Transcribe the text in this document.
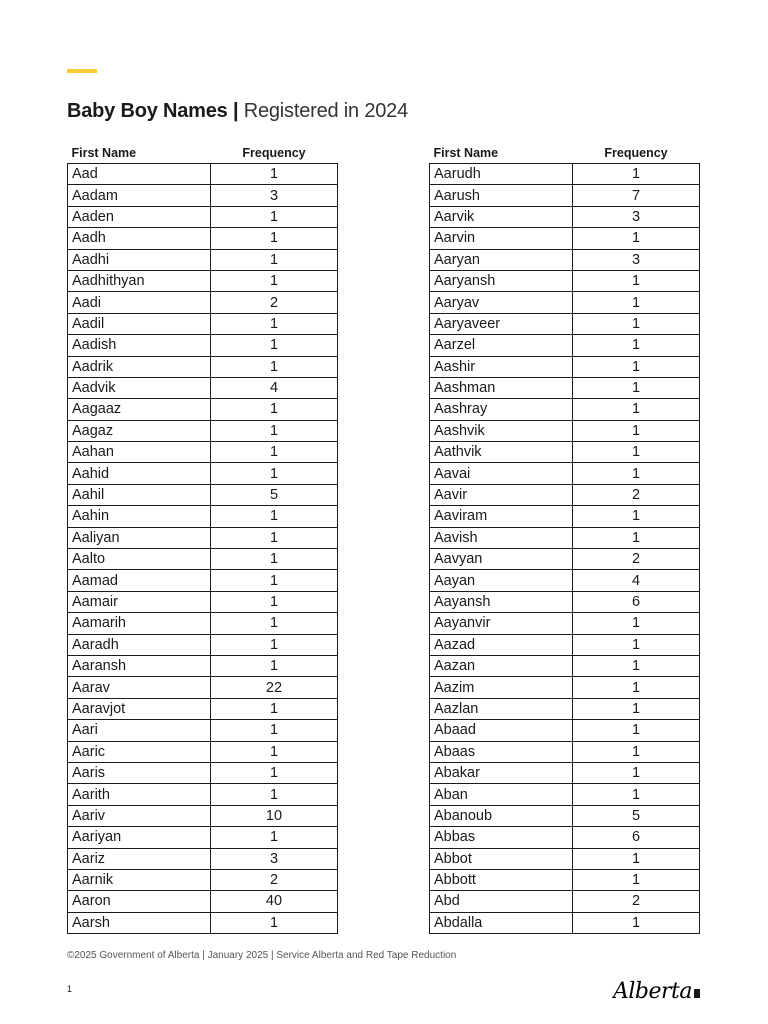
Baby Boy Names | Registered in 2024
First Name	Frequency
Aad	1
Aadam	3
Aaden	1
Aadh	1
Aadhi	1
Aadhithyan	1
Aadi	2
Aadil	1
Aadish	1
Aadrik	1
Aadvik	4
Aagaaz	1
Aagaz	1
Aahan	1
Aahid	1
Aahil	5
Aahin	1
Aaliyan	1
Aalto	1
Aamad	1
Aamair	1
Aamarih	1
Aaradh	1
Aaransh	1
Aarav	22
Aaravjot	1
Aari	1
Aaric	1
Aaris	1
Aarith	1
Aariv	10
Aariyan	1
Aariz	3
Aarnik	2
Aaron	40
Aarsh	1
First Name	Frequency
Aarudh	1
Aarush	7
Aarvik	3
Aarvin	1
Aaryan	3
Aaryansh	1
Aaryav	1
Aaryaveer	1
Aarzel	1
Aashir	1
Aashman	1
Aashray	1
Aashvik	1
Aathvik	1
Aavai	1
Aavir	2
Aaviram	1
Aavish	1
Aavyan	2
Aayan	4
Aayansh	6
Aayanvir	1
Aazad	1
Aazan	1
Aazim	1
Aazlan	1
Abaad	1
Abaas	1
Abakar	1
Aban	1
Abanoub	5
Abbas	6
Abbot	1
Abbott	1
Abd	2
Abdalla	1
©2025 Government of Alberta | January 2025 | Service Alberta and Red Tape Reduction
1	Alberta
